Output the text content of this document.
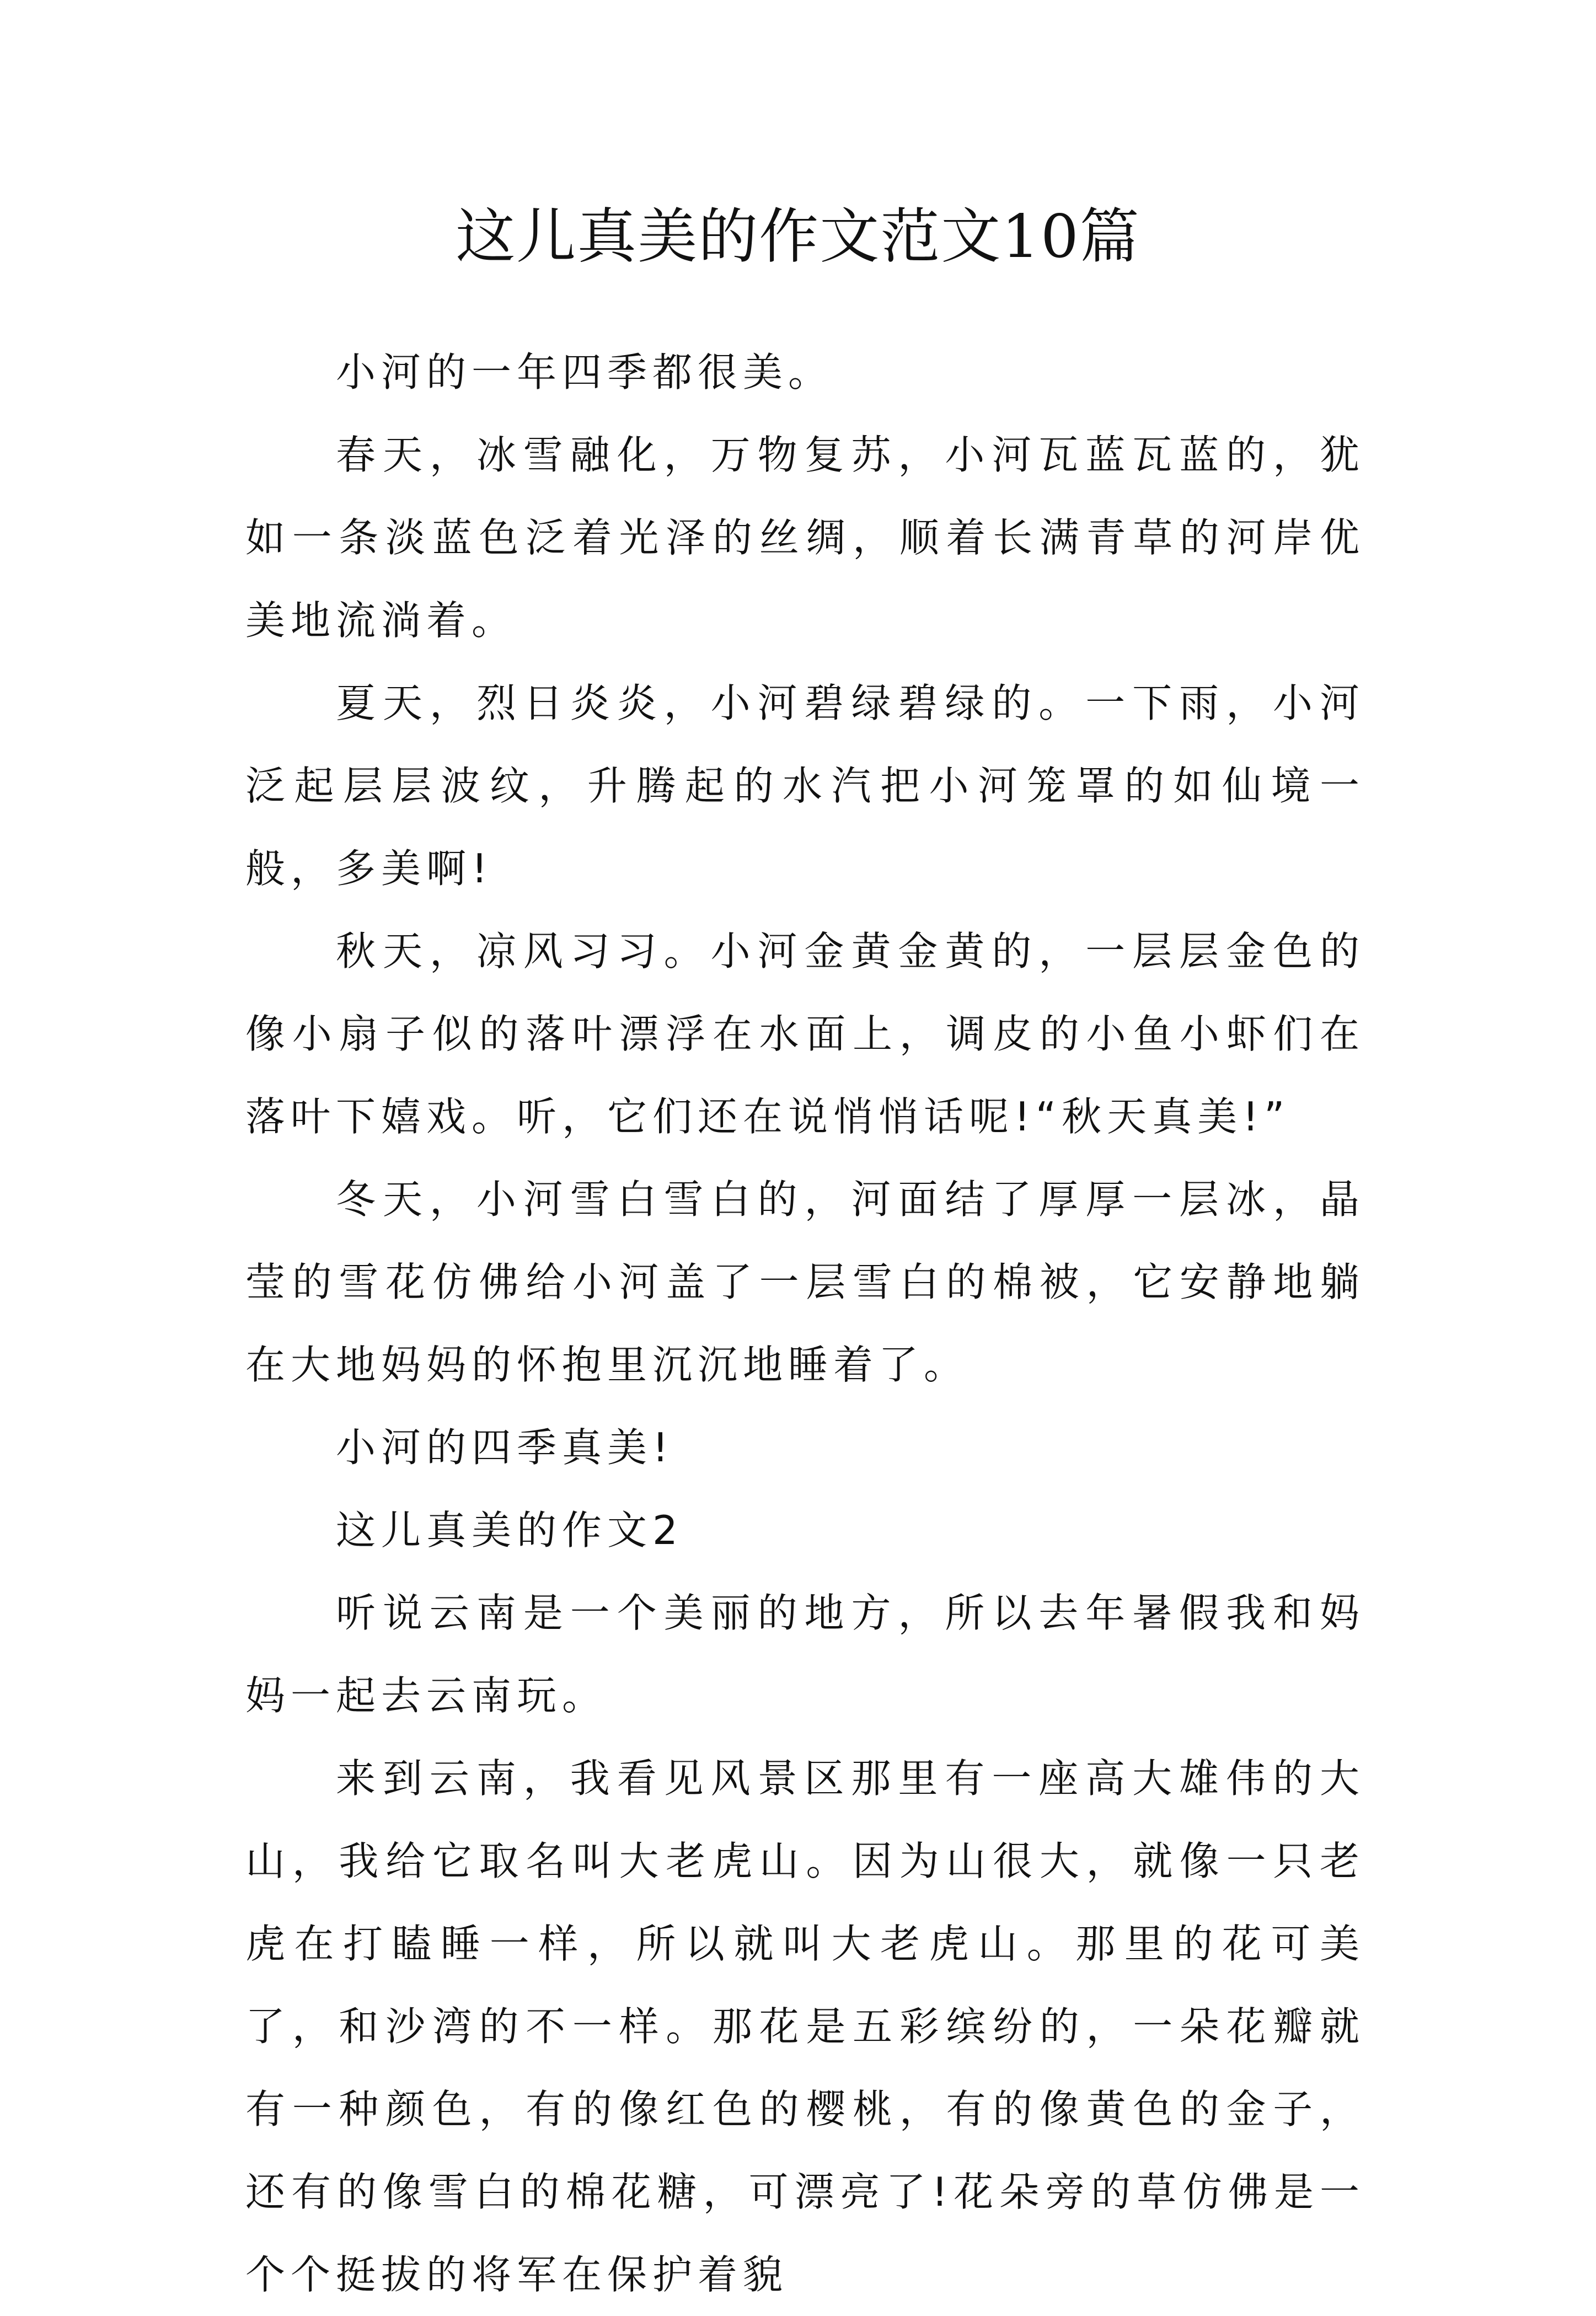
这儿真美的作文范文10篇

小河的一年四季都很美。

春天，冰雪融化，万物复苏，小河瓦蓝瓦蓝的，犹如一条淡蓝色泛着光泽的丝绸，顺着长满青草的河岸优美地流淌着。

夏天，烈日炎炎，小河碧绿碧绿的。一下雨，小河泛起层层波纹，升腾起的水汽把小河笼罩的如仙境一般，多美啊!

秋天，凉风习习。小河金黄金黄的，一层层金色的像小扇子似的落叶漂浮在水面上，调皮的小鱼小虾们在落叶下嬉戏。听，它们还在说悄悄话呢!“秋天真美!”

冬天，小河雪白雪白的，河面结了厚厚一层冰，晶莹的雪花仿佛给小河盖了一层雪白的棉被，它安静地躺在大地妈妈的怀抱里沉沉地睡着了。

小河的四季真美!

这儿真美的作文2

听说云南是一个美丽的地方，所以去年暑假我和妈妈一起去云南玩。

来到云南，我看见风景区那里有一座高大雄伟的大山，我给它取名叫大老虎山。因为山很大，就像一只老虎在打瞌睡一样，所以就叫大老虎山。那里的花可美了，和沙湾的不一样。那花是五彩缤纷的，一朵花瓣就有一种颜色，有的像红色的樱桃，有的像黄色的金子，还有的像雪白的棉花糖，可漂亮了!花朵旁的草仿佛是一个个挺拔的将军在保护着貌
